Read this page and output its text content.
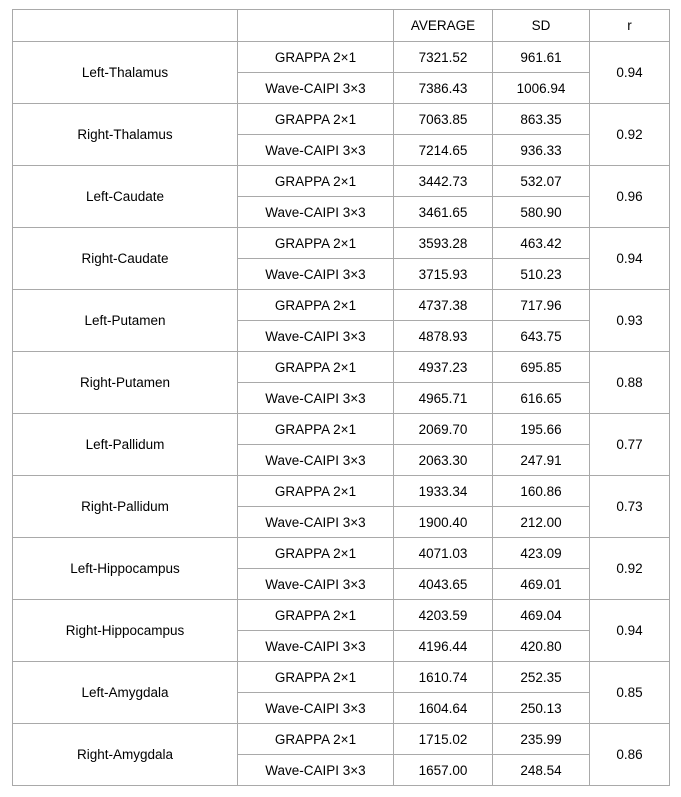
		AVERAGE	SD	r
Left-Thalamus	GRAPPA 2×1	7321.52	961.61	0.94
	Wave-CAIPI 3×3	7386.43	1006.94	
Right-Thalamus	GRAPPA 2×1	7063.85	863.35	0.92
	Wave-CAIPI 3×3	7214.65	936.33	
Left-Caudate	GRAPPA 2×1	3442.73	532.07	0.96
	Wave-CAIPI 3×3	3461.65	580.90	
Right-Caudate	GRAPPA 2×1	3593.28	463.42	0.94
	Wave-CAIPI 3×3	3715.93	510.23	
Left-Putamen	GRAPPA 2×1	4737.38	717.96	0.93
	Wave-CAIPI 3×3	4878.93	643.75	
Right-Putamen	GRAPPA 2×1	4937.23	695.85	0.88
	Wave-CAIPI 3×3	4965.71	616.65	
Left-Pallidum	GRAPPA 2×1	2069.70	195.66	0.77
	Wave-CAIPI 3×3	2063.30	247.91	
Right-Pallidum	GRAPPA 2×1	1933.34	160.86	0.73
	Wave-CAIPI 3×3	1900.40	212.00	
Left-Hippocampus	GRAPPA 2×1	4071.03	423.09	0.92
	Wave-CAIPI 3×3	4043.65	469.01	
Right-Hippocampus	GRAPPA 2×1	4203.59	469.04	0.94
	Wave-CAIPI 3×3	4196.44	420.80	
Left-Amygdala	GRAPPA 2×1	1610.74	252.35	0.85
	Wave-CAIPI 3×3	1604.64	250.13	
Right-Amygdala	GRAPPA 2×1	1715.02	235.99	0.86
	Wave-CAIPI 3×3	1657.00	248.54	
